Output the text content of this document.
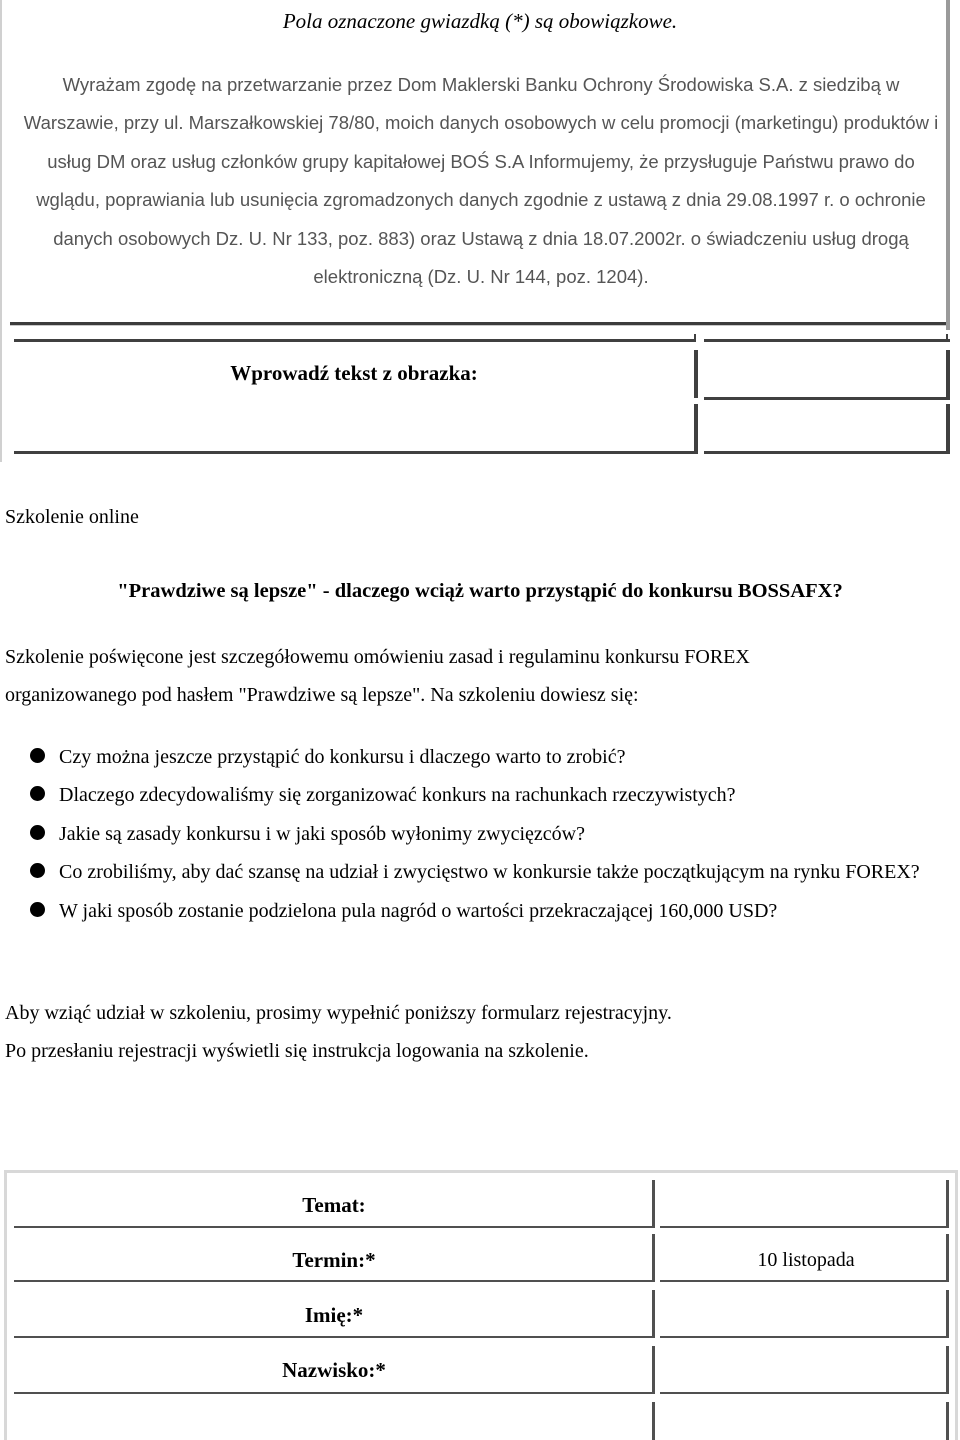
Pola oznaczone gwiazdką (*) są obowiązkowe.
Wyrażam zgodę na przetwarzanie przez Dom Maklerski Banku Ochrony Środowiska S.A. z siedzibą w Warszawie, przy ul. Marszałkowskiej 78/80, moich danych osobowych w celu promocji (marketingu) produktów i usług DM oraz usług członków grupy kapitałowej BOŚ S.A Informujemy, że przysługuje Państwu prawo do wglądu, poprawiania lub usunięcia zgromadzonych danych zgodnie z ustawą z dnia 29.08.1997 r. o ochronie danych osobowych Dz. U. Nr 133, poz. 883) oraz Ustawą z dnia 18.07.2002r. o świadczeniu usług drogą elektroniczną (Dz. U. Nr 144, poz. 1204).
Wprowadź tekst z obrazka:
Szkolenie online
"Prawdziwe są lepsze" - dlaczego wciąż warto przystąpić do konkursu BOSSAFX?
Szkolenie poświęcone jest szczegółowemu omówieniu zasad i regulaminu konkursu FOREX organizowanego pod hasłem "Prawdziwe są lepsze". Na szkoleniu dowiesz się:
Czy można jeszcze przystąpić do konkursu i dlaczego warto to zrobić?
Dlaczego zdecydowaliśmy się zorganizować konkurs na rachunkach rzeczywistych?
Jakie są zasady konkursu i w jaki sposób wyłonimy zwycięzców?
Co zrobiliśmy, aby dać szansę na udział i zwycięstwo w konkursie także początkującym na rynku FOREX?
W jaki sposób zostanie podzielona pula nagród o wartości przekraczającej 160,000 USD?
Aby wziąć udział w szkoleniu, prosimy wypełnić poniższy formularz rejestracyjny.
Po przesłaniu rejestracji wyświetli się instrukcja logowania na szkolenie.
Temat:
Termin:*	10 listopada
Imię:*
Nazwisko:*
